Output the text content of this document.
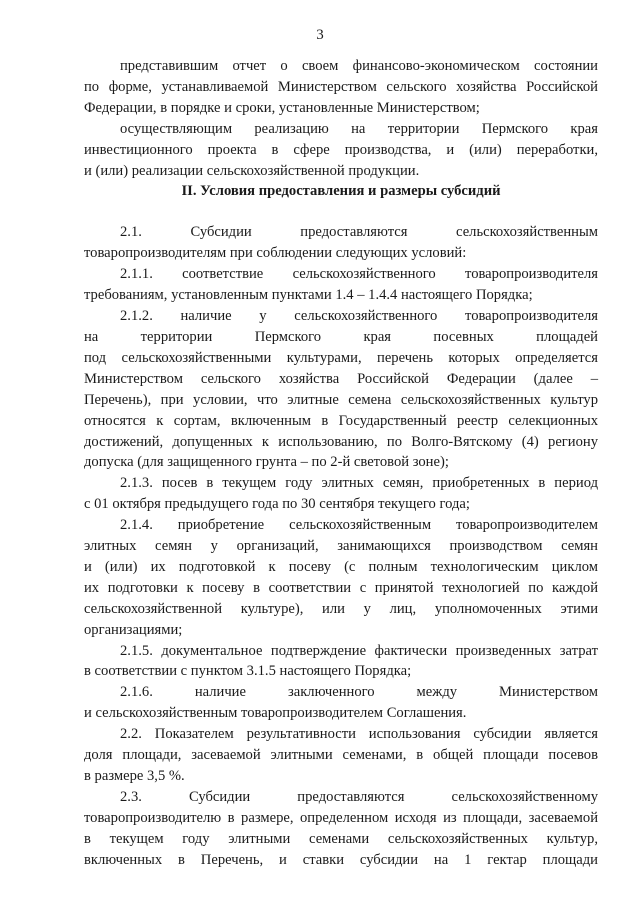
3

представившим отчет о своем финансово-экономическом состоянии

по форме, устанавливаемой Министерством сельского хозяйства Российской

Федерации, в порядке и сроки, установленные Министерством;

осуществляющим реализацию на территории Пермского края

инвестиционного проекта в сфере производства, и (или) переработки,

и (или) реализации сельскохозяйственной продукции.

II. Условия предоставления и размеры субсидий

2.1. Субсидии предоставляются сельскохозяйственным

товаропроизводителям при соблюдении следующих условий:

2.1.1. соответствие сельскохозяйственного товаропроизводителя

требованиям, установленным пунктами 1.4 – 1.4.4 настоящего Порядка;

2.1.2. наличие у сельскохозяйственного товаропроизводителя

на территории Пермского края посевных площадей

под сельскохозяйственными культурами, перечень которых определяется

Министерством сельского хозяйства Российской Федерации (далее –

Перечень), при условии, что элитные семена сельскохозяйственных культур

относятся к сортам, включенным в Государственный реестр селекционных

достижений, допущенных к использованию, по Волго-Вятскому (4) региону

допуска (для защищенного грунта – по 2-й световой зоне);

2.1.3. посев в текущем году элитных семян, приобретенных в период

с 01 октября предыдущего года по 30 сентября текущего года;

2.1.4. приобретение сельскохозяйственным товаропроизводителем

элитных семян у организаций, занимающихся производством семян

и (или) их подготовкой к посеву (с полным технологическим циклом

их подготовки к посеву в соответствии с принятой технологией по каждой

сельскохозяйственной культуре), или у лиц, уполномоченных этими

организациями;

2.1.5. документальное подтверждение фактически произведенных затрат

в соответствии с пунктом 3.1.5 настоящего Порядка;

2.1.6. наличие заключенного между Министерством

и сельскохозяйственным товаропроизводителем Соглашения.

2.2. Показателем результативности использования субсидии является

доля площади, засеваемой элитными семенами, в общей площади посевов

в размере 3,5 %.

2.3. Субсидии предоставляются сельскохозяйственному

товаропроизводителю в размере, определенном исходя из площади, засеваемой

в текущем году элитными семенами сельскохозяйственных культур,

включенных в Перечень, и ставки субсидии на 1 гектар площади
